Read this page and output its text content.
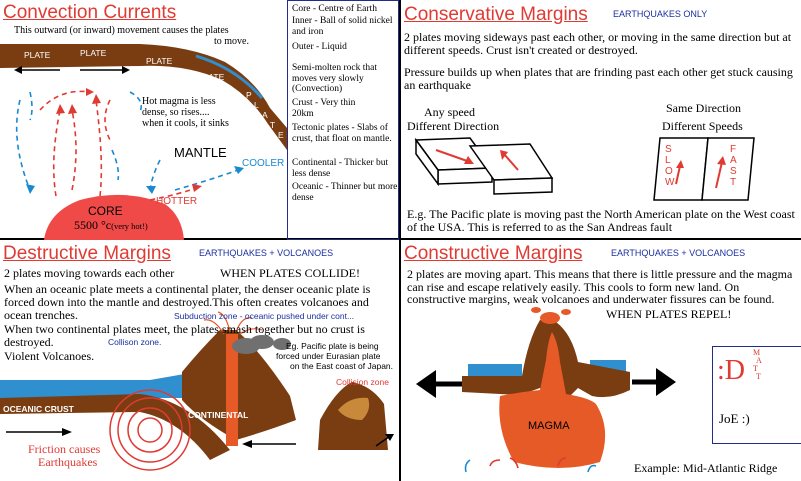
Convection Currents
This outward (or inward) movement causes the plates
to move.
PLATE	PLATE
PLATE
PLATE
P
L
A
T
E
Hot magma is less
dense, so rises....
when it cools, it sinks
MANTLE
COOLER
HOTTER
CORE
5500 °c(very hot!)
Core - Centre of Earth
Inner - Ball of solid nickel and iron
Outer - Liquid
Semi-molten rock that moves very slowly (Convection)
Crust - Very thin 20km
Tectonic plates - Slabs of crust, that float on mantle.
Continental - Thicker but less dense
Oceanic - Thinner but more dense
Conservative Margins	EARTHQUAKES ONLY
2 plates moving sideways past each other, or moving in the same direction but at different speeds. Crust isn't created or destroyed.
Pressure builds up when plates that are frinding past each other get stuck causing an earthquake
Any speed
Different Direction
Same Direction
Different Speeds
SLOW
FAST
E.g. The Pacific plate is moving past the North American plate on the West coast of the USA. This is referred to as the San Andreas fault
Destructive Margins	EARTHQUAKES + VOLCANOES
2 plates moving towards each other	WHEN PLATES COLLIDE!
When an oceanic plate meets a continental plater, the denser oceanic plate is forced down into the mantle and destroyed.This often creates volcanoes and ocean trenches.	Subduction zone - oceanic pushed under cont...
When two continental plates meet, the plates smash together but no crust is destroyed.	Collison zone.
Violent Volcanoes.
Eg. Pacific plate is being
forced under Eurasian plate
on the East coast of Japan.
Collision zone
OCEANIC CRUST
CONTINENTAL
Friction causes
Earthquakes
Constructive Margins	EARTHQUAKES + VOLCANOES
2 plates are moving apart. This means that there is little pressure and the magma can rise and escape relatively easily. This cools to form new land. On constructive margins, weak volcanoes and underwater fissures can be found.
WHEN PLATES REPEL!
MAGMA
Example: Mid-Atlantic Ridge
:D
M
A
T
T
JoE :)
